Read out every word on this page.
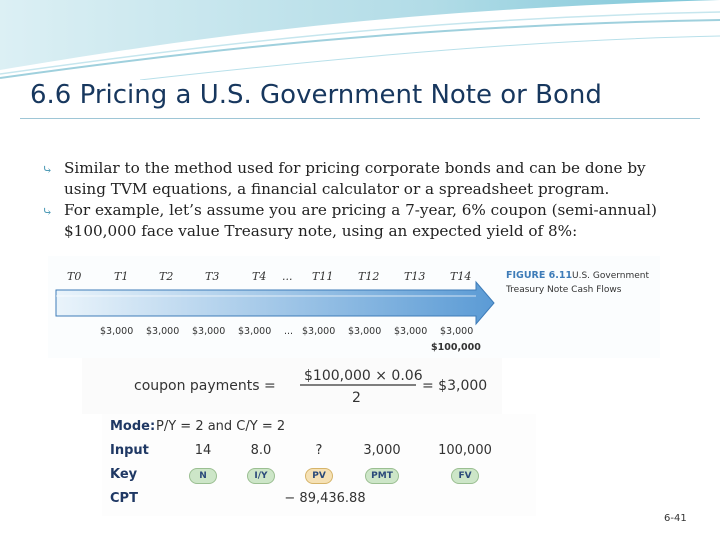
6.6 Pricing a U.S. Government Note or Bond
⤷ Similar to the method used for pricing corporate bonds and can be done by using TVM equations, a financial calculator or a spreadsheet program.
⤷ For example, let’s assume you are pricing a 7-year, 6% coupon (semi-annual) $100,000 face value Treasury note, using an expected yield of 8%:
T0	T1	T2	T3	T4 ... T11 T12 T13 T14
$3,000 $3,000 $3,000 $3,000 ... $3,000 $3,000 $3,000 $3,000
$100,000
FIGURE 6.11 U.S. Government
Treasury Note Cash Flows
coupon payments =
$100,000 × 0.06
2
= $3,000
Mode: P/Y = 2 and C/Y = 2
Input	14	8.0	?	3,000	100,000
Key	N	I/Y	PV	PMT	FV
CPT	− 89,436.88
6-41
